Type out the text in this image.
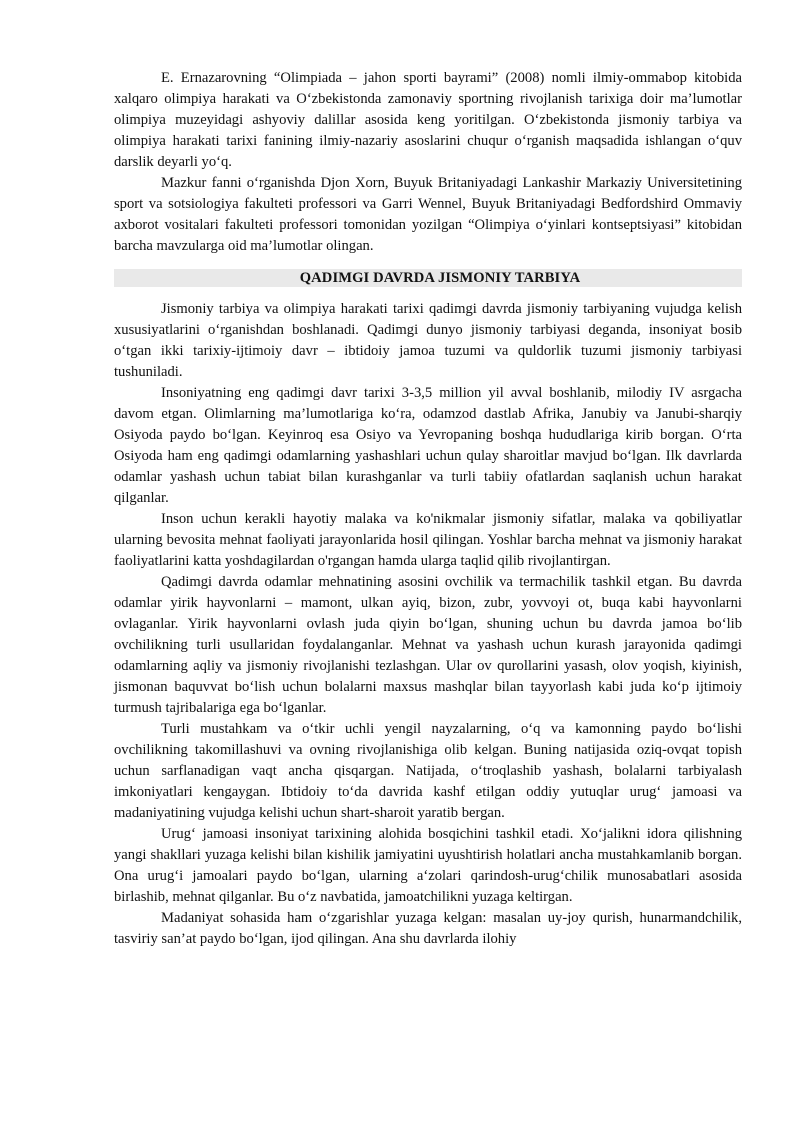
E. Ernazarovning “Olimpiada – jahon sporti bayrami” (2008) nomli ilmiy-ommabop kitobida xalqaro olimpiya harakati va O‘zbekistonda zamonaviy sportning rivojlanish tarixiga doir ma’lumotlar olimpiya muzeyidagi ashyoviy dalillar asosida keng yoritilgan. O‘zbekistonda jismoniy tarbiya va olimpiya harakati tarixi fanining ilmiy-nazariy asoslarini chuqur o‘rganish maqsadida ishlangan o‘quv darslik deyarli yo‘q.

Mazkur fanni o‘rganishda Djon Xorn, Buyuk Britaniyadagi Lankashir Markaziy Universitetining sport va sotsiologiya fakulteti professori va Garri Wennel, Buyuk Britaniyadagi Bedfordshird Ommaviy axborot vositalari fakulteti professori tomonidan yozilgan “Olimpiya o‘yinlari kontseptsiyasi” kitobidan barcha mavzularga oid ma’lumotlar olingan.

QADIMGI DAVRDA JISMONIY TARBIYA

Jismoniy tarbiya va olimpiya harakati tarixi qadimgi davrda jismoniy tarbiyaning vujudga kelish xususiyatlarini o‘rganishdan boshlanadi. Qadimgi dunyo jismoniy tarbiyasi deganda, insoniyat bosib o‘tgan ikki tarixiy-ijtimoiy davr – ibtidoiy jamoa tuzumi va quldorlik tuzumi jismoniy tarbiyasi tushuniladi.

Insoniyatning eng qadimgi davr tarixi 3-3,5 million yil avval boshlanib, milodiy IV asrgacha davom etgan. Olimlarning ma’lumotlariga ko‘ra, odamzod dastlab Afrika, Janubiy va Janubi-sharqiy Osiyoda paydo bo‘lgan. Keyinroq esa Osiyo va Yevropaning boshqa hududlariga kirib borgan. O‘rta Osiyoda ham eng qadimgi odamlarning yashashlari uchun qulay sharoitlar mavjud bo‘lgan. Ilk davrlarda odamlar yashash uchun tabiat bilan kurashganlar va turli tabiiy ofatlardan saqlanish uchun harakat qilganlar.

Inson uchun kerakli hayotiy malaka va ko'nikmalar jismoniy sifatlar, malaka va qobiliyatlar ularning bevosita mehnat faoliyati jarayonlarida hosil qilingan. Yoshlar barcha mehnat va jismoniy harakat faoliyatlarini katta yoshdagilardan o'rgangan hamda ularga taqlid qilib rivojlantirgan.

Qadimgi davrda odamlar mehnatining asosini ovchilik va termachilik tashkil etgan. Bu davrda odamlar yirik hayvonlarni – mamont, ulkan ayiq, bizon, zubr, yovvoyi ot, buqa kabi hayvonlarni ovlaganlar. Yirik hayvonlarni ovlash juda qiyin bo‘lgan, shuning uchun bu davrda jamoa bo‘lib ovchilikning turli usullaridan foydalanganlar. Mehnat va yashash uchun kurash jarayonida qadimgi odamlarning aqliy va jismoniy rivojlanishi tezlashgan. Ular ov qurollarini yasash, olov yoqish, kiyinish, jismonan baquvvat bo‘lish uchun bolalarni maxsus mashqlar bilan tayyorlash kabi juda ko‘p ijtimoiy turmush tajribalariga ega bo‘lganlar.

Turli mustahkam va o‘tkir uchli yengil nayzalarning, o‘q va kamonning paydo bo‘lishi ovchilikning takomillashuvi va ovning rivojlanishiga olib kelgan. Buning natijasida oziq-ovqat topish uchun sarflanadigan vaqt ancha qisqargan. Natijada, o‘troqlashib yashash, bolalarni tarbiyalash imkoniyatlari kengaygan. Ibtidoiy to‘da davrida kashf etilgan oddiy yutuqlar urug‘ jamoasi va madaniyatining vujudga kelishi uchun shart-sharoit yaratib bergan.

Urug‘ jamoasi insoniyat tarixining alohida bosqichini tashkil etadi. Xo‘jalikni idora qilishning yangi shakllari yuzaga kelishi bilan kishilik jamiyatini uyushtirish holatlari ancha mustahkamlanib borgan. Ona urug‘i jamoalari paydo bo‘lgan, ularning a‘zolari qarindosh-urug‘chilik munosabatlari asosida birlashib, mehnat qilganlar. Bu o‘z navbatida, jamoatchilikni yuzaga keltirgan.

Madaniyat sohasida ham o‘zgarishlar yuzaga kelgan: masalan uy-joy qurish, hunarmandchilik, tasviriy san’at paydo bo‘lgan, ijod qilingan. Ana shu davrlarda ilohiy
